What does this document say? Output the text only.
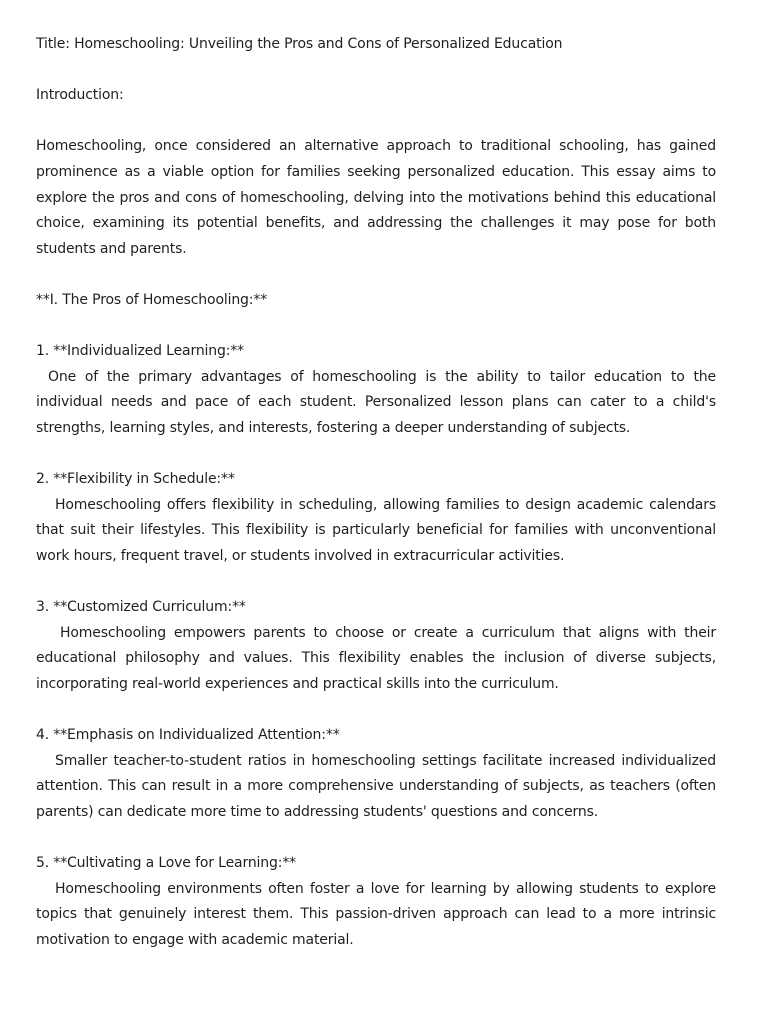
Title: Homeschooling: Unveiling the Pros and Cons of Personalized Education

Introduction:

Homeschooling, once considered an alternative approach to traditional schooling, has gained prominence as a viable option for families seeking personalized education. This essay aims to explore the pros and cons of homeschooling, delving into the motivations behind this educational choice, examining its potential benefits, and addressing the challenges it may pose for both students and parents.

**I. The Pros of Homeschooling:**

1. **Individualized Learning:**

One of the primary advantages of homeschooling is the ability to tailor education to the individual needs and pace of each student. Personalized lesson plans can cater to a child's strengths, learning styles, and interests, fostering a deeper understanding of subjects.

2. **Flexibility in Schedule:**

Homeschooling offers flexibility in scheduling, allowing families to design academic calendars that suit their lifestyles. This flexibility is particularly beneficial for families with unconventional work hours, frequent travel, or students involved in extracurricular activities.

3. **Customized Curriculum:**

Homeschooling empowers parents to choose or create a curriculum that aligns with their educational philosophy and values. This flexibility enables the inclusion of diverse subjects, incorporating real-world experiences and practical skills into the curriculum.

4. **Emphasis on Individualized Attention:**

Smaller teacher-to-student ratios in homeschooling settings facilitate increased individualized attention. This can result in a more comprehensive understanding of subjects, as teachers (often parents) can dedicate more time to addressing students' questions and concerns.

5. **Cultivating a Love for Learning:**

Homeschooling environments often foster a love for learning by allowing students to explore topics that genuinely interest them. This passion-driven approach can lead to a more intrinsic motivation to engage with academic material.
